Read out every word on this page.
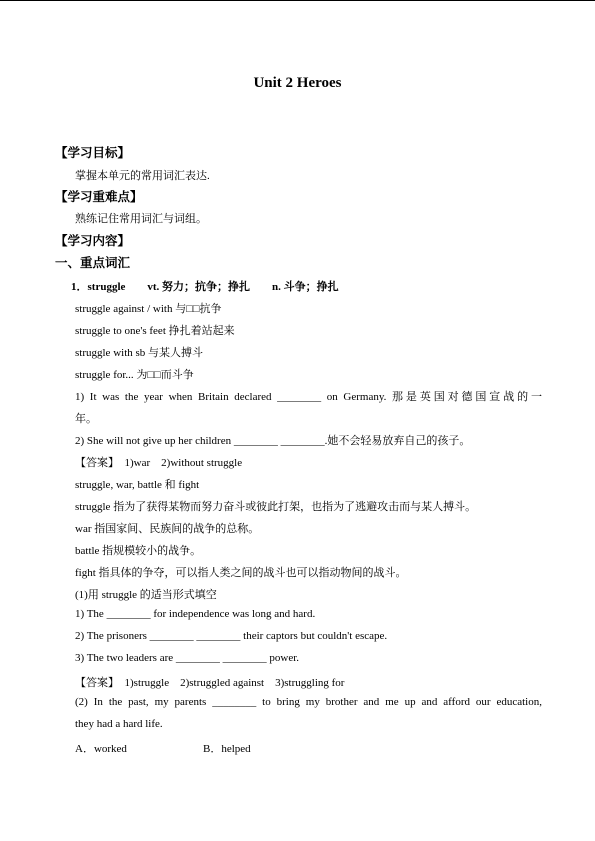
Unit 2 Heroes
【学习目标】
掌握本单元的常用词汇表达.
【学习重难点】
熟练记住常用词汇与词组。
【学习内容】
一、重点词汇
1．struggle　　vt. 努力；抗争；挣扎　　n. 斗争；挣扎
struggle against / with 与□□抗争
struggle to one's feet 挣扎着站起来
struggle with sb 与某人搏斗
struggle for... 为□□而斗争
1) It was the year when Britain declared ________ on Germany. 那是英国对德国宣战的一
年。
2) She will not give up her children ________ ________.她不会轻易放弃自己的孩子。
【答案】　1)war　2)without struggle
struggle, war, battle 和 fight
struggle 指为了获得某物而努力奋斗或彼此打架，也指为了逃避攻击而与某人搏斗。
war 指国家间、民族间的战争的总称。
battle 指规模较小的战争。
fight 指具体的争夺，可以指人类之间的战斗也可以指动物间的战斗。
(1)用 struggle 的适当形式填空
1) The ________ for independence was long and hard.
2) The prisoners ________ ________ their captors but couldn't escape.
3) The two leaders are ________ ________ power.
【答案】　1)struggle　2)struggled against　3)struggling for
(2) In the past, my parents ________ to bring my brother and me up and afford our education,
they had a hard life.
A．worked	B．helped
